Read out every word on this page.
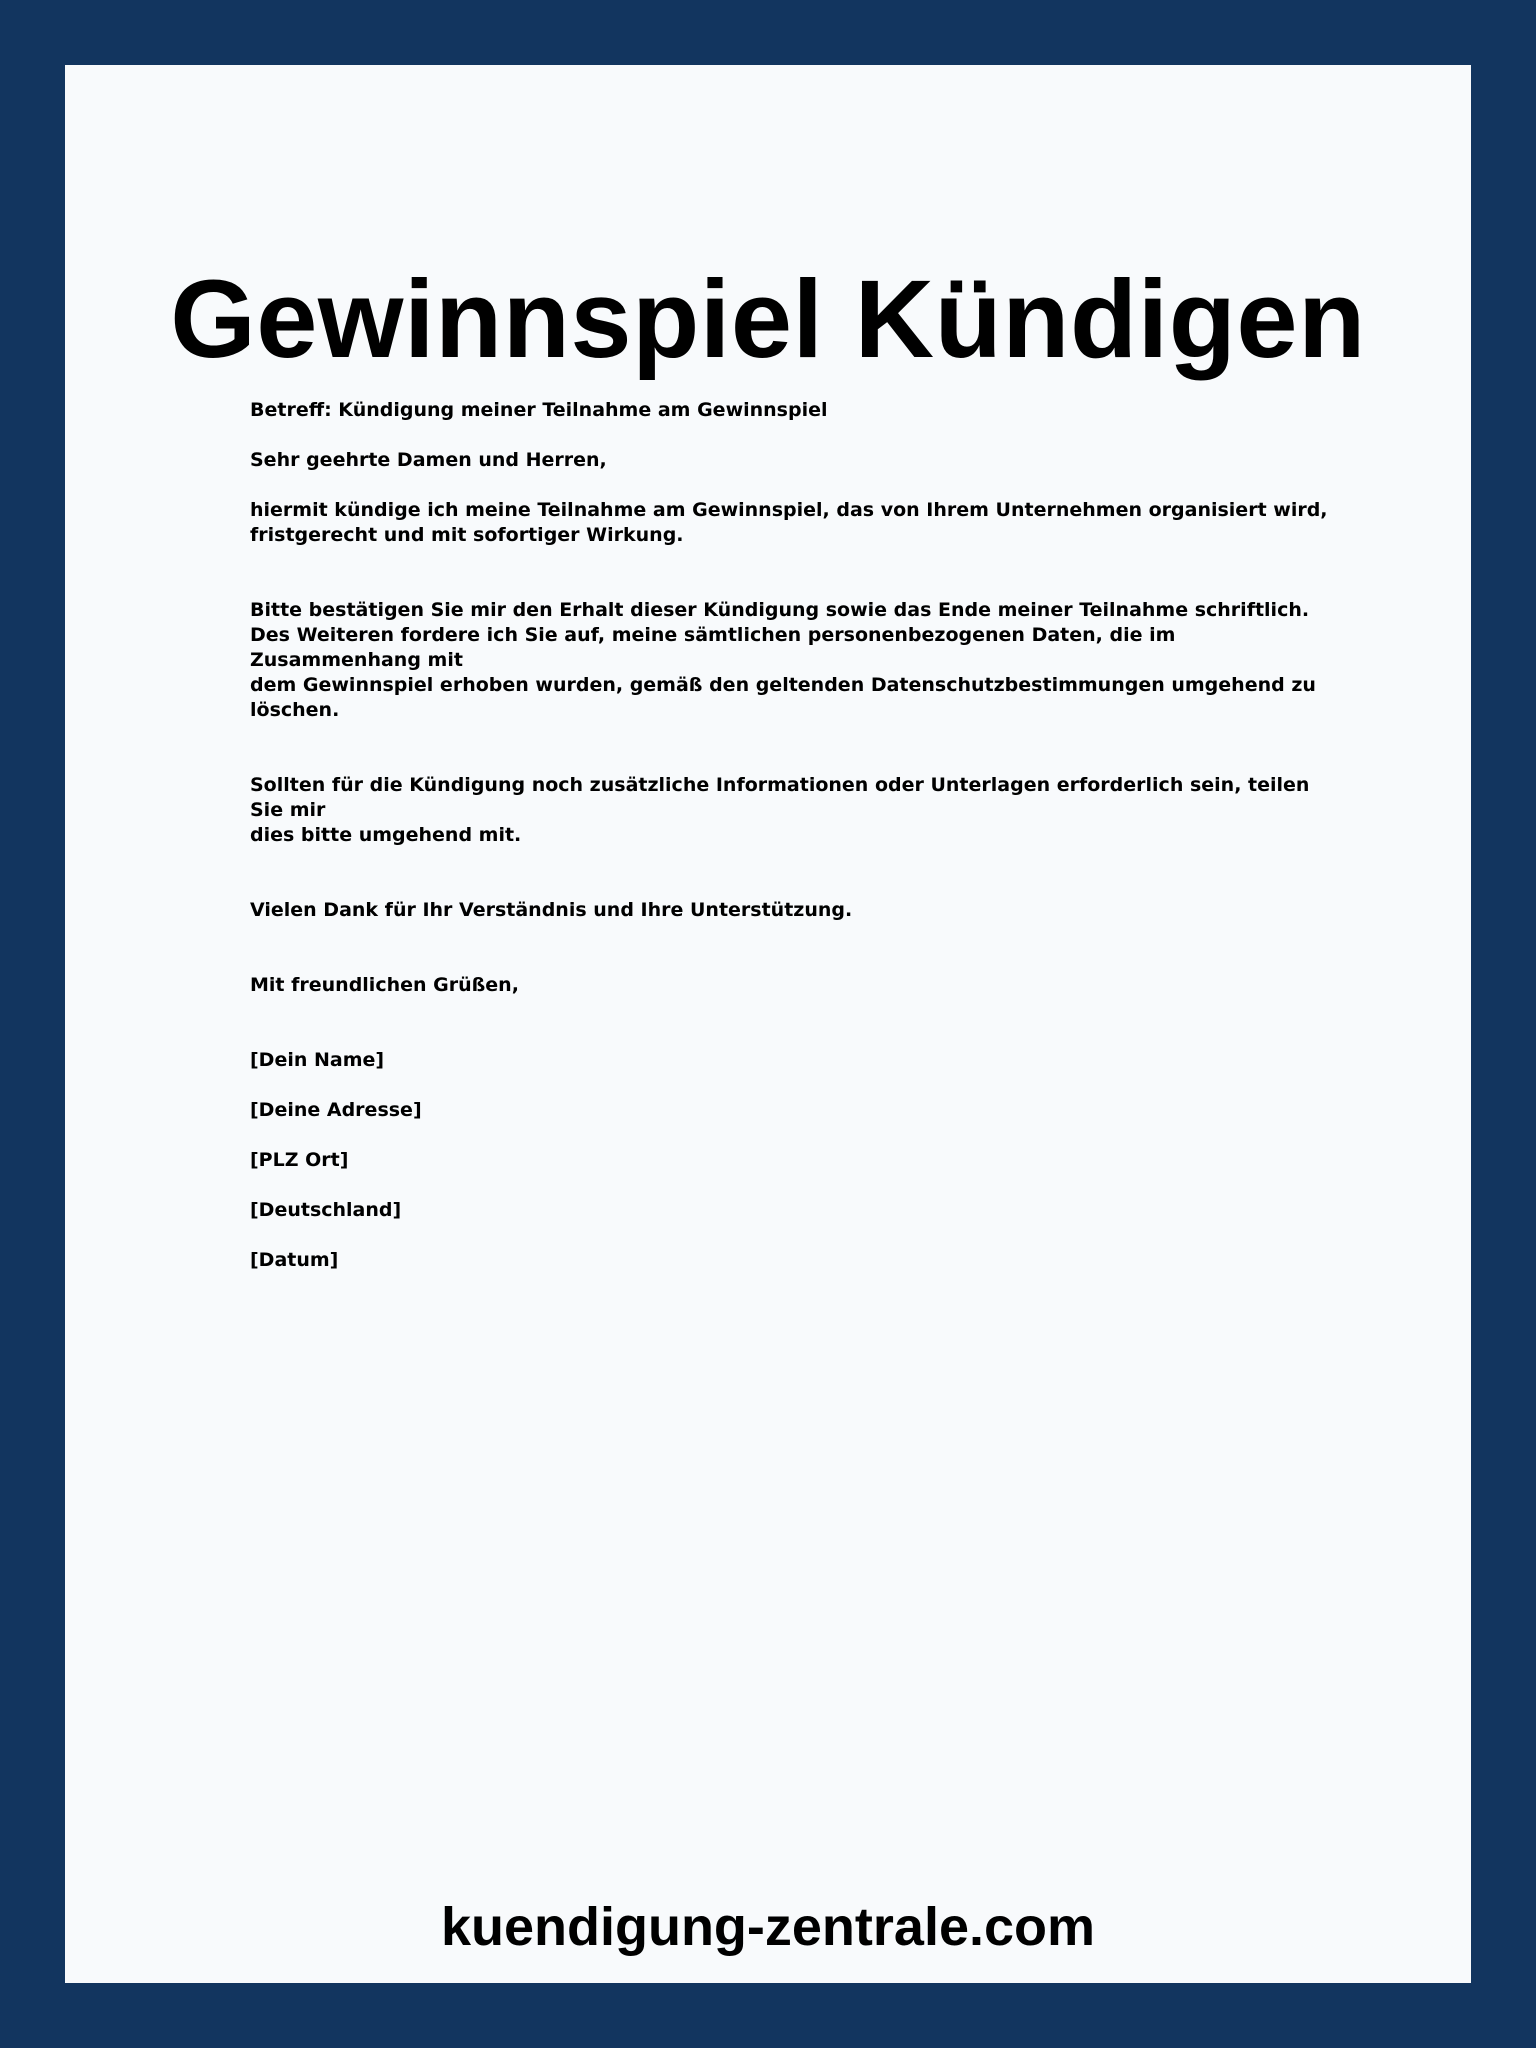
Gewinnspiel Kündigen

Betreff: Kündigung meiner Teilnahme am Gewinnspiel

Sehr geehrte Damen und Herren,

hiermit kündige ich meine Teilnahme am Gewinnspiel, das von Ihrem Unternehmen organisiert wird,
fristgerecht und mit sofortiger Wirkung.

Bitte bestätigen Sie mir den Erhalt dieser Kündigung sowie das Ende meiner Teilnahme schriftlich.
Des Weiteren fordere ich Sie auf, meine sämtlichen personenbezogenen Daten, die im Zusammenhang mit
dem Gewinnspiel erhoben wurden, gemäß den geltenden Datenschutzbestimmungen umgehend zu
löschen.

Sollten für die Kündigung noch zusätzliche Informationen oder Unterlagen erforderlich sein, teilen Sie mir
dies bitte umgehend mit.

Vielen Dank für Ihr Verständnis und Ihre Unterstützung.

Mit freundlichen Grüßen,

[Dein Name]

[Deine Adresse]

[PLZ Ort]

[Deutschland]

[Datum]

kuendigung-zentrale.com
